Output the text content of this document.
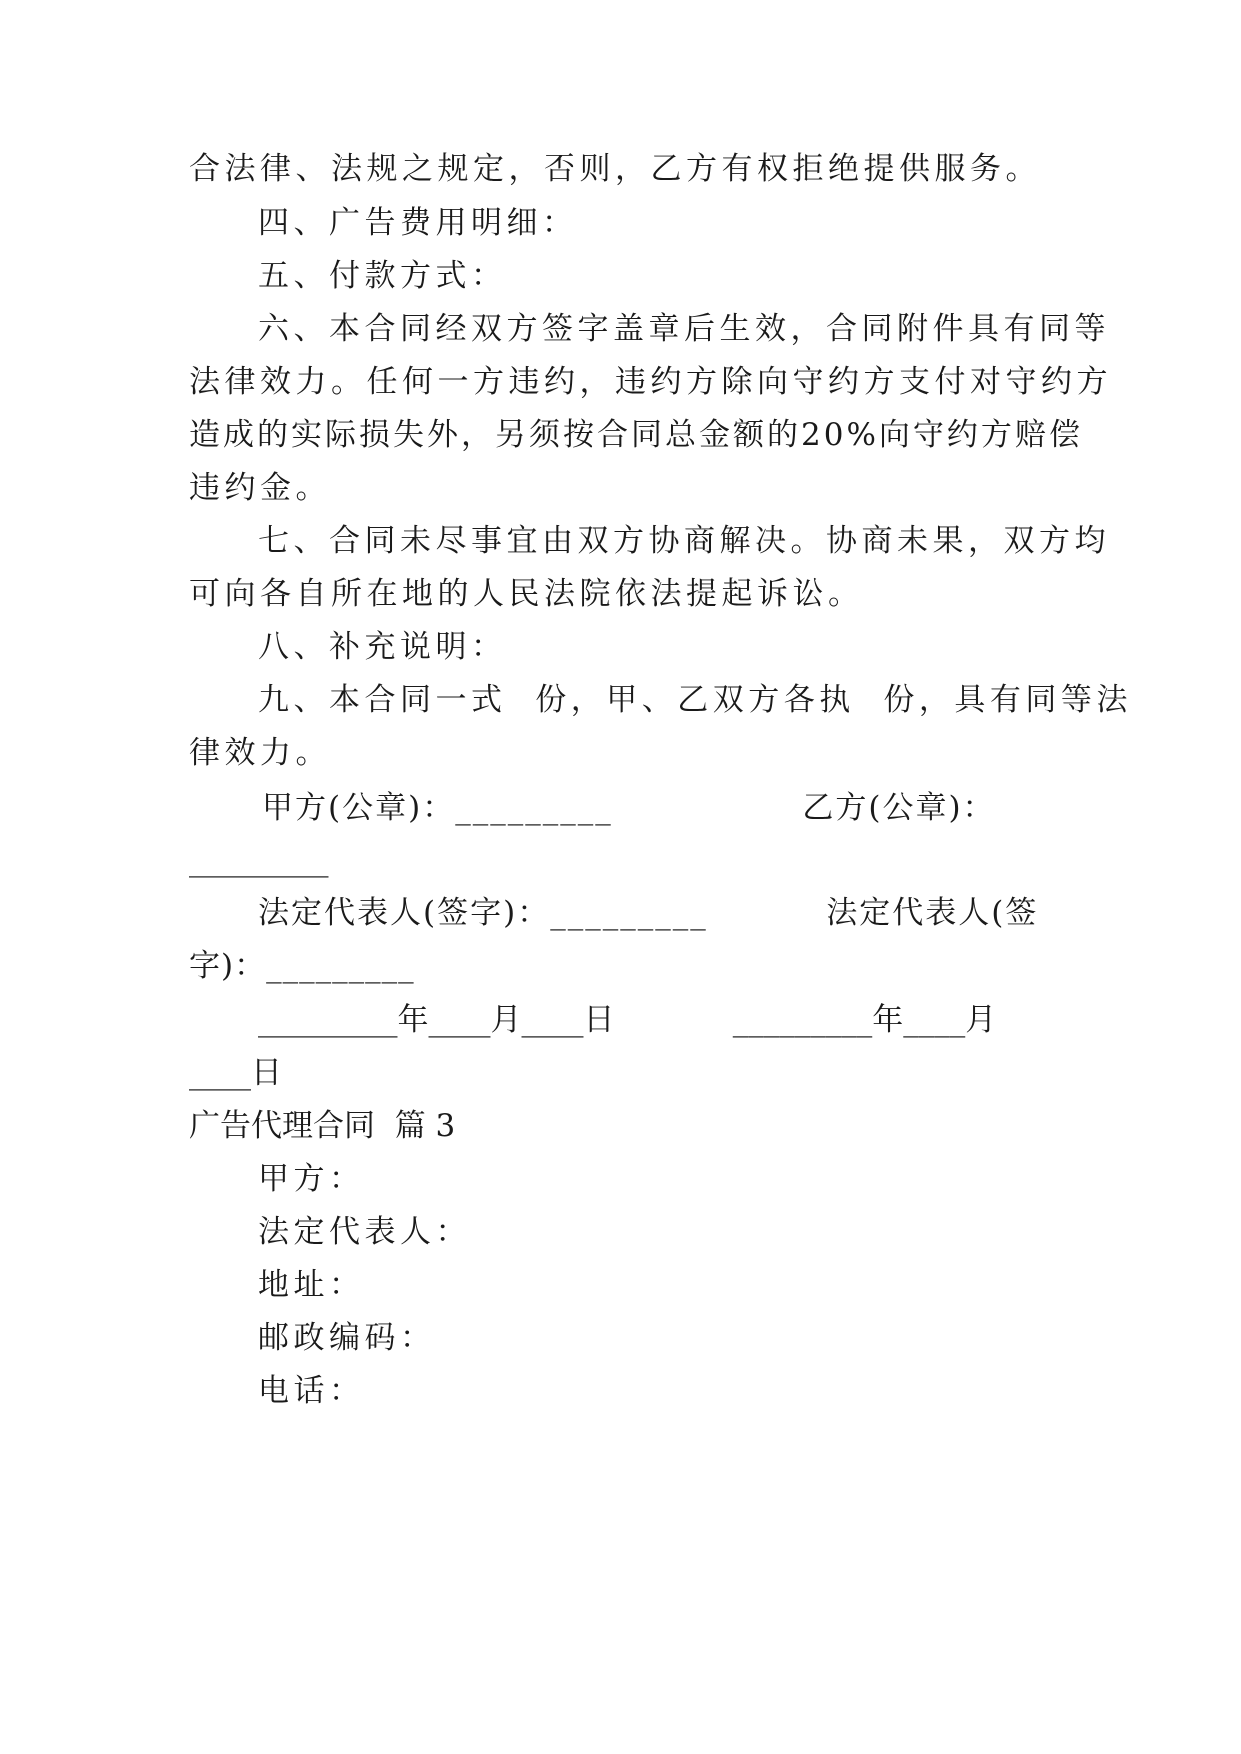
合法律、法规之规定，否则，乙方有权拒绝提供服务。
四、广告费用明细：
五、付款方式：
六、本合同经双方签字盖章后生效，合同附件具有同等
法律效力。任何一方违约，违约方除向守约方支付对守约方
造成的实际损失外，另须按合同总金额的20%向守约方赔偿
违约金。
七、合同未尽事宜由双方协商解决。协商未果，双方均
可向各自所在地的人民法院依法提起诉讼。
八、补充说明：
九、本合同一式  份，甲、乙双方各执  份，具有同等法
律效力。
甲方(公章)：_________                乙方(公章)：
_________
法定代表人(签字)：_________          法定代表人(签
字)：_________
_________年____月____日            _________年____月
____日
广告代理合同  篇 3
甲方：
法定代表人：
地址：
邮政编码：
电话：
